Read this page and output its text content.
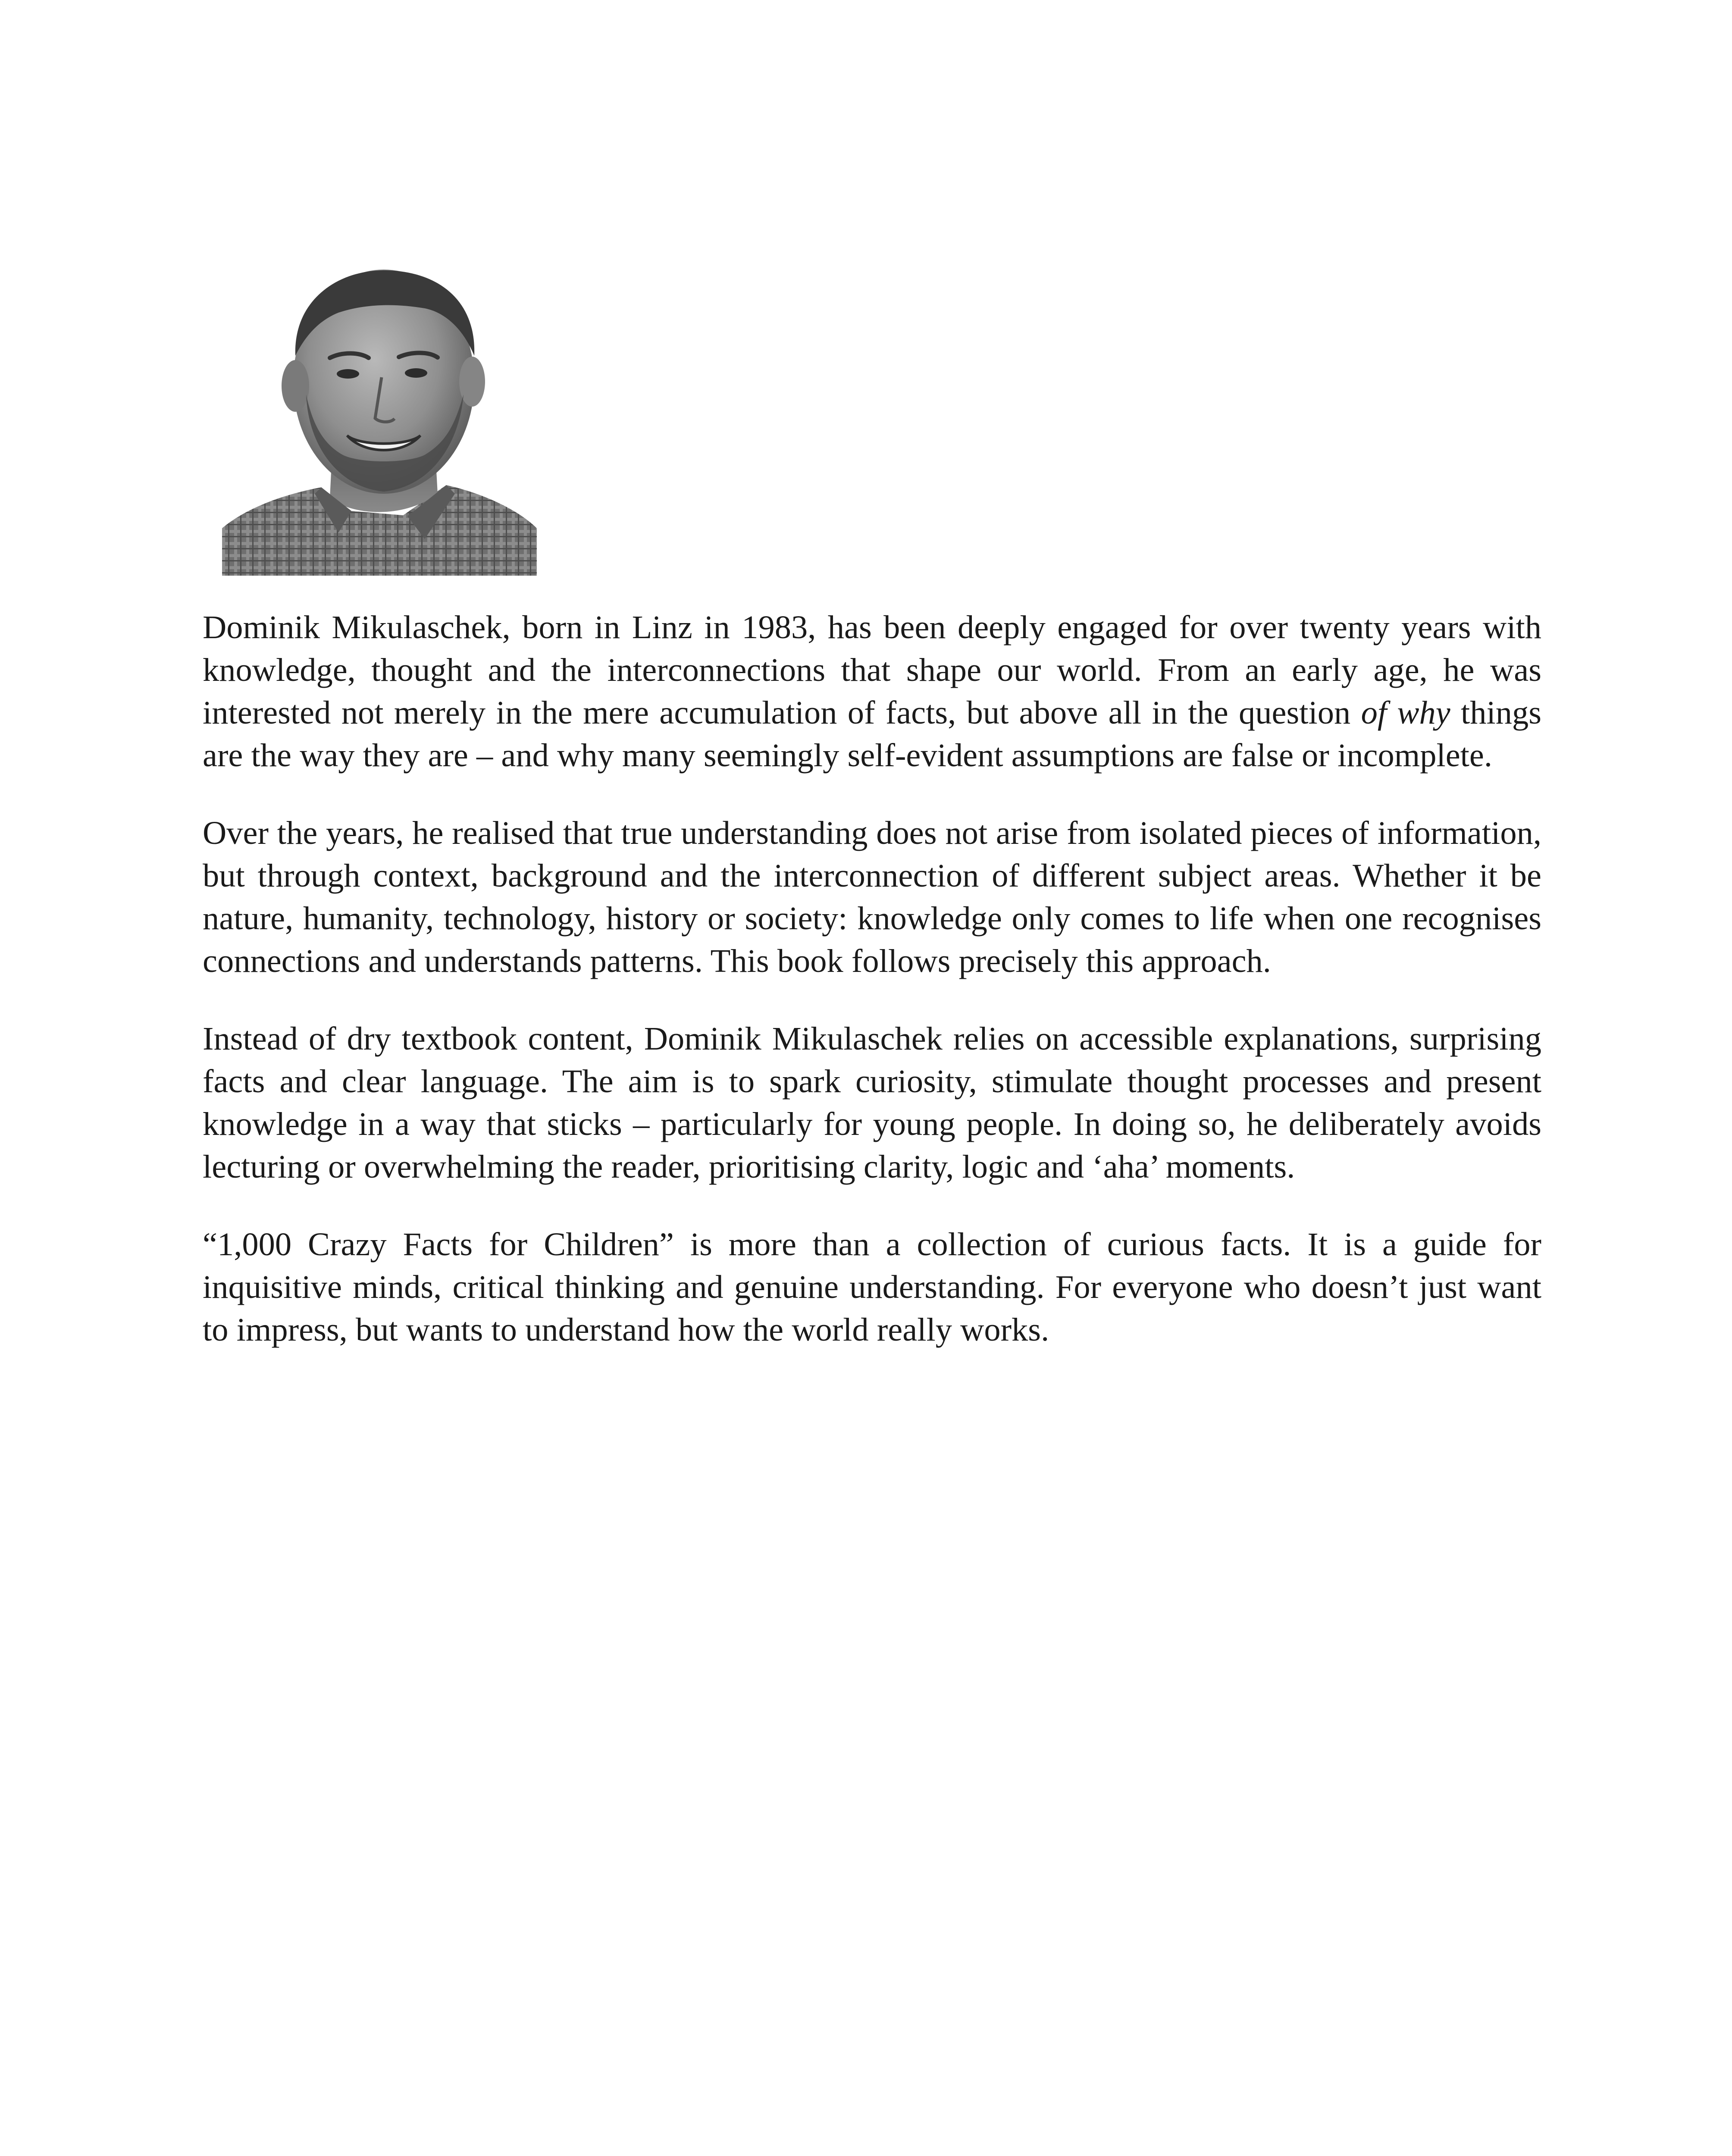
Dominik Mikulaschek, born in Linz in 1983, has been deeply engaged for over twenty years with knowledge, thought and the interconnections that shape our world. From an early age, he was interested not merely in the mere accumulation of facts, but above all in the question of why things are the way they are – and why many seemingly self-evident assumptions are false or incomplete.

Over the years, he realised that true understanding does not arise from isolated pieces of information, but through context, background and the interconnection of different subject areas. Whether it be nature, humanity, technology, history or society: knowledge only comes to life when one recognises connections and understands patterns. This book follows precisely this approach.

Instead of dry textbook content, Dominik Mikulaschek relies on accessible explanations, surprising facts and clear language. The aim is to spark curiosity, stimulate thought processes and present knowledge in a way that sticks – particularly for young people. In doing so, he deliberately avoids lecturing or overwhelming the reader, prioritising clarity, logic and ‘aha’ moments.

“1,000 Crazy Facts for Children” is more than a collection of curious facts. It is a guide for inquisitive minds, critical thinking and genuine understanding. For everyone who doesn’t just want to impress, but wants to understand how the world really works.
